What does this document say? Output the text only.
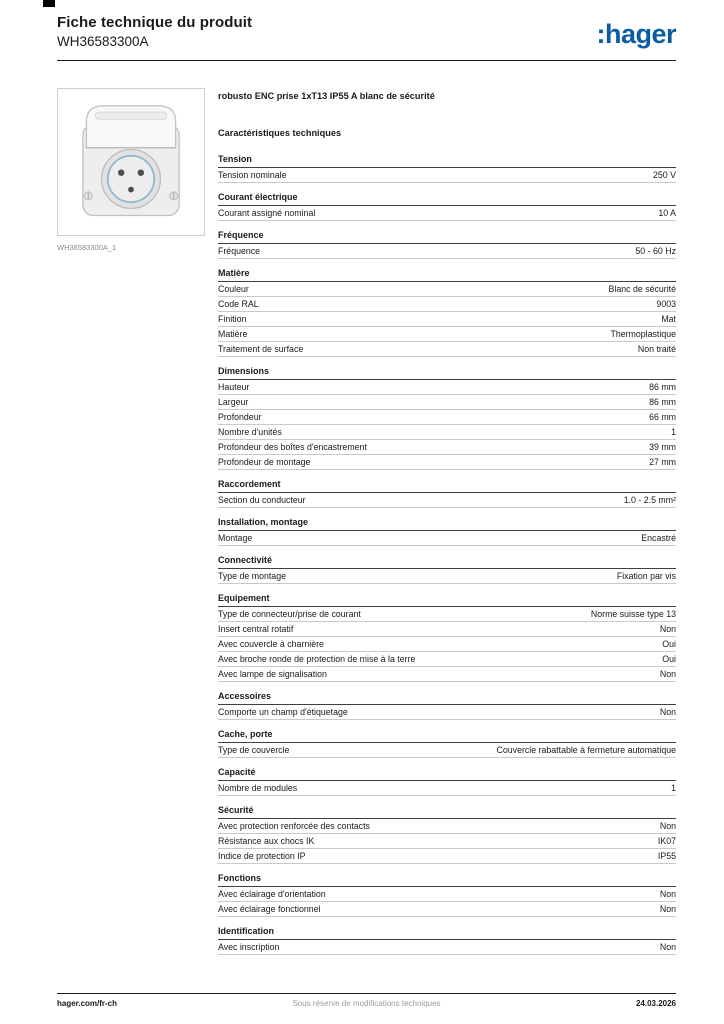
Fiche technique du produit
WH36583300A	:hager
WH36583300A_1
robusto ENC prise 1xT13 IP55 A blanc de sécurité
Caractéristiques techniques
Tension
Tension nominale	250 V
Courant électrique
Courant assigné nominal	10 A
Fréquence
Fréquence	50 - 60 Hz
Matière
Couleur	Blanc de sécurité
Code RAL	9003
Finition	Mat
Matière	Thermoplastique
Traitement de surface	Non traité
Dimensions
Hauteur	86 mm
Largeur	86 mm
Profondeur	66 mm
Nombre d'unités	1
Profondeur des boîtes d'encastrement	39 mm
Profondeur de montage	27 mm
Raccordement
Section du conducteur	1.0 - 2.5 mm²
Installation, montage
Montage	Encastré
Connectivité
Type de montage	Fixation par vis
Equipement
Type de connecteur/prise de courant	Norme suisse type 13
Insert central rotatif	Non
Avec couvercle à charnière	Oui
Avec broche ronde de protection de mise à la terre	Oui
Avec lampe de signalisation	Non
Accessoires
Comporte un champ d'étiquetage	Non
Cache, porte
Type de couvercle	Couvercle rabattable à fermeture automatique
Capacité
Nombre de modules	1
Sécurité
Avec protection renforcée des contacts	Non
Résistance aux chocs IK	IK07
Indice de protection IP	IP55
Fonctions
Avec éclairage d'orientation	Non
Avec éclairage fonctionnel	Non
Identification
Avec inscription	Non
hager.com/fr-ch	Sous réserve de modifications techniques	24.03.2026
